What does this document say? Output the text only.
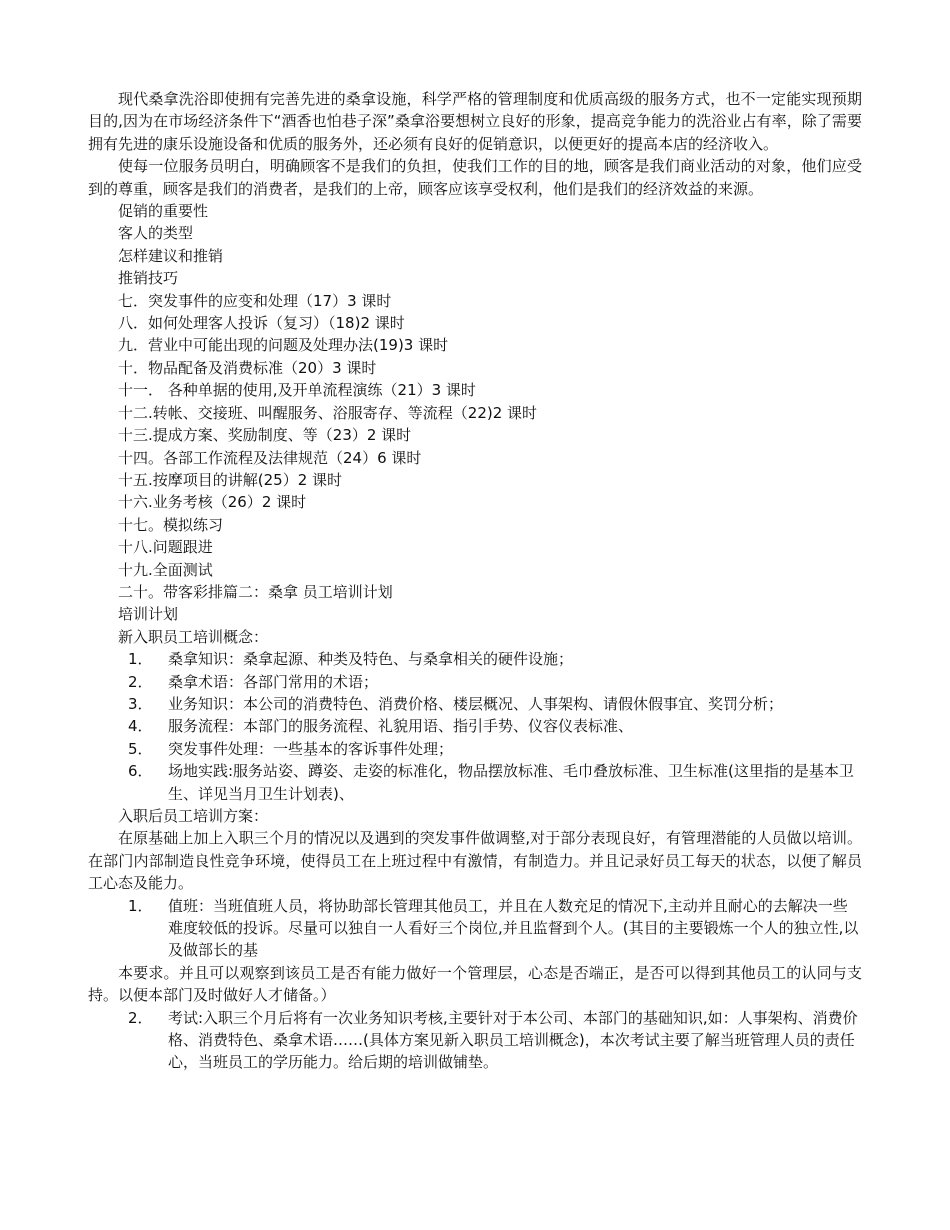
现代桑拿洗浴即使拥有完善先进的桑拿设施，科学严格的管理制度和优质高级的服务方式，也不一定能实现预期目的,因为在市场经济条件下“酒香也怕巷子深”桑拿浴要想树立良好的形象，提高竞争能力的洗浴业占有率，除了需要拥有先进的康乐设施设备和优质的服务外，还必须有良好的促销意识，以便更好的提高本店的经济收入。

使每一位服务员明白，明确顾客不是我们的负担，使我们工作的目的地，顾客是我们商业活动的对象，他们应受到的尊重，顾客是我们的消费者，是我们的上帝，顾客应该享受权利，他们是我们的经济效益的来源。

促销的重要性

客人的类型

怎样建议和推销

推销技巧

七．突发事件的应变和处理（17）3 课时

八．如何处理客人投诉（复习）（18)2 课时

九．营业中可能出现的问题及处理办法(19)3 课时

十．物品配备及消费标准（20）3 课时

十一． 各种单据的使用,及开单流程演练（21）3 课时

十二.转帐、交接班、叫醒服务、浴服寄存、等流程（22)2 课时

十三.提成方案、奖励制度、等（23）2 课时

十四。各部工作流程及法律规范（24）6 课时

十五.按摩项目的讲解(25）2 课时

十六.业务考核（26）2 课时

十七。模拟练习

十八.问题跟进

十九.全面测试

二十。带客彩排篇二：桑拿 员工培训计划

培训计划

新入职员工培训概念：

1． 桑拿知识：桑拿起源、种类及特色、与桑拿相关的硬件设施；
2． 桑拿术语：各部门常用的术语；
3． 业务知识：本公司的消费特色、消费价格、楼层概况、人事架构、请假休假事宜、奖罚分析；
4． 服务流程：本部门的服务流程、礼貌用语、指引手势、仪容仪表标准、
5． 突发事件处理：一些基本的客诉事件处理；
6． 场地实践:服务站姿、蹲姿、走姿的标准化，物品摆放标准、毛巾叠放标准、卫生标准(这里指的是基本卫生、详见当月卫生计划表)、

入职后员工培训方案：

在原基础上加上入职三个月的情况以及遇到的突发事件做调整,对于部分表现良好，有管理潜能的人员做以培训。在部门内部制造良性竞争环境，使得员工在上班过程中有激情，有制造力。并且记录好员工每天的状态，以便了解员工心态及能力。

1． 值班：当班值班人员，将协助部长管理其他员工，并且在人数充足的情况下,主动并且耐心的去解决一些难度较低的投诉。尽量可以独自一人看好三个岗位,并且监督到个人。(其目的主要锻炼一个人的独立性,以及做部长的基

本要求。并且可以观察到该员工是否有能力做好一个管理层，心态是否端正，是否可以得到其他员工的认同与支持。以便本部门及时做好人才储备。）

2． 考试:入职三个月后将有一次业务知识考核,主要针对于本公司、本部门的基础知识,如：人事架构、消费价格、消费特色、桑拿术语……(具体方案见新入职员工培训概念)，本次考试主要了解当班管理人员的责任心，当班员工的学历能力。给后期的培训做铺垫。
